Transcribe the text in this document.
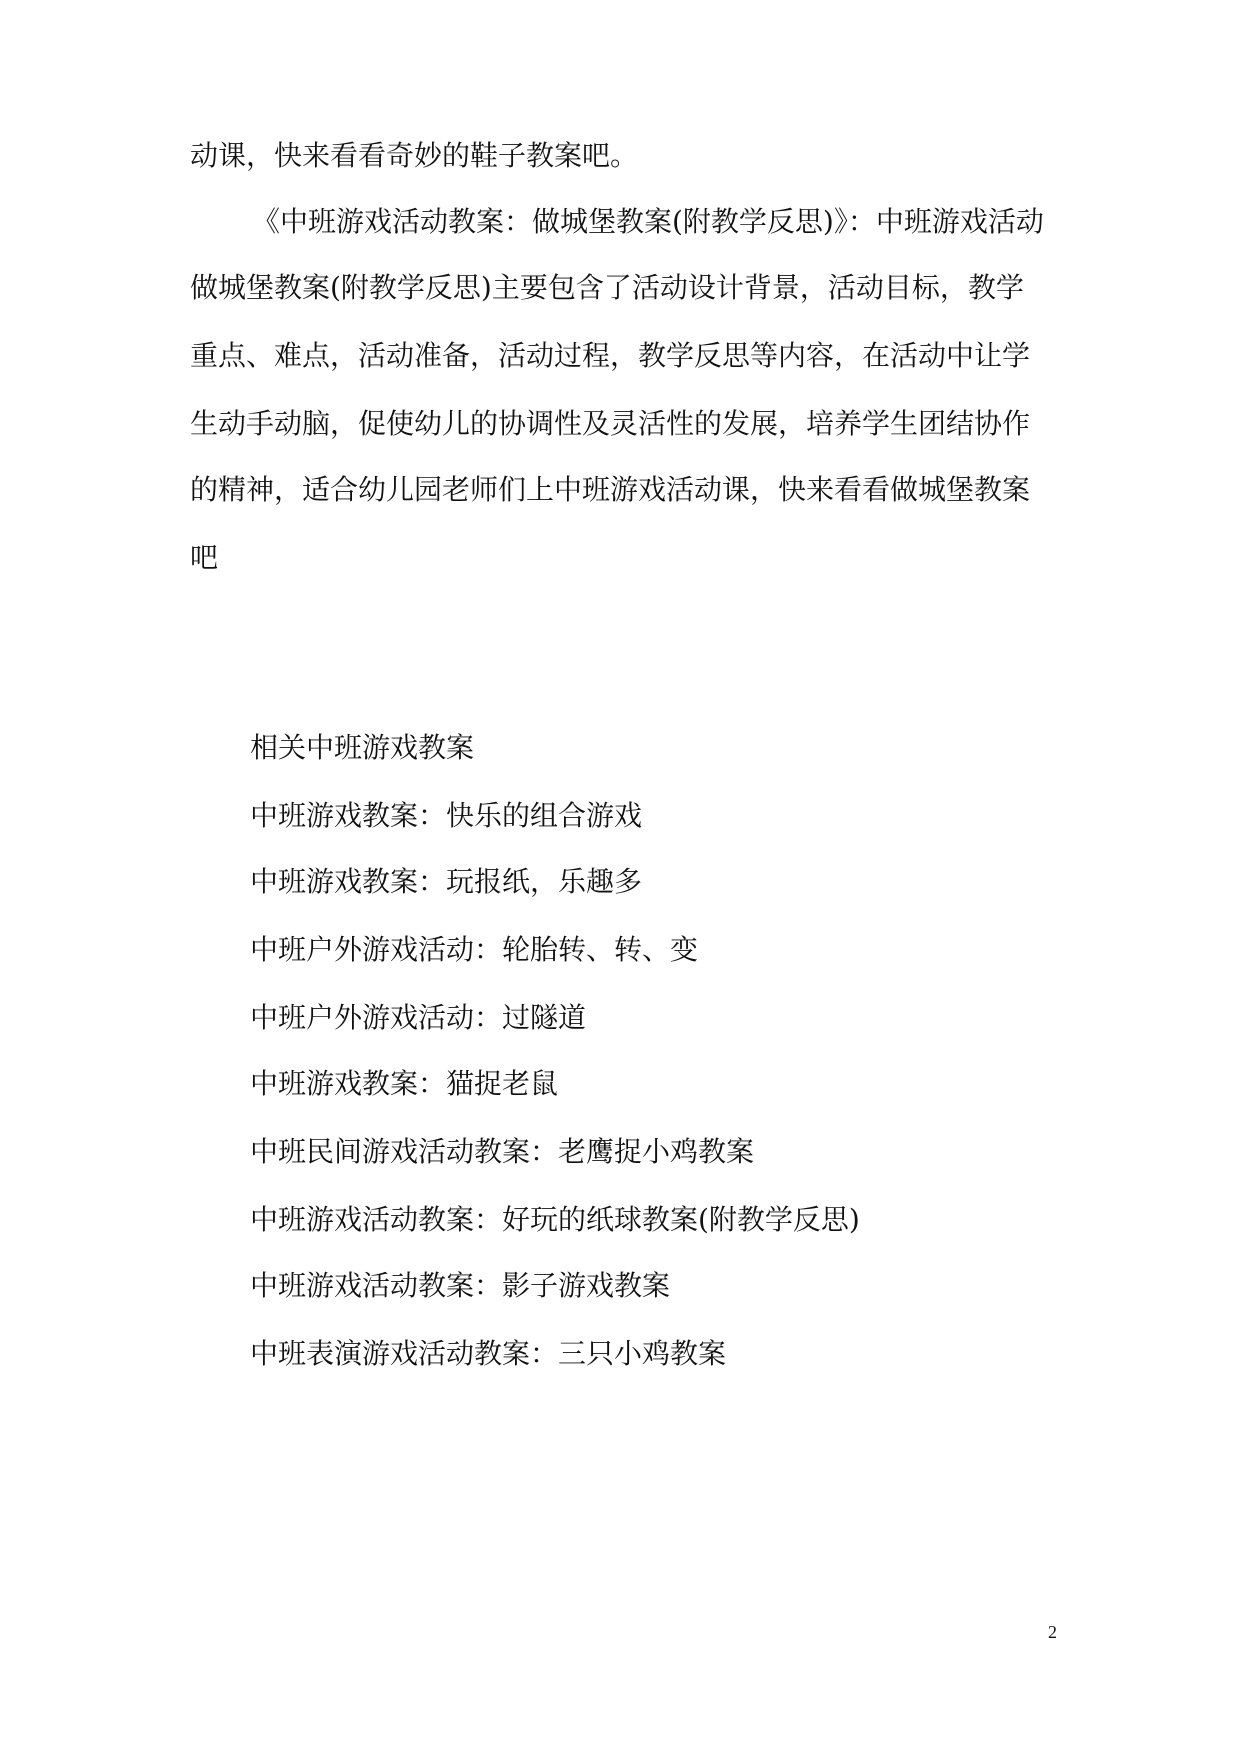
动课，快来看看奇妙的鞋子教案吧。
《中班游戏活动教案：做城堡教案(附教学反思)》：中班游戏活动
做城堡教案(附教学反思)主要包含了活动设计背景，活动目标，教学
重点、难点，活动准备，活动过程，教学反思等内容，在活动中让学
生动手动脑，促使幼儿的协调性及灵活性的发展，培养学生团结协作
的精神，适合幼儿园老师们上中班游戏活动课，快来看看做城堡教案
吧
相关中班游戏教案
中班游戏教案：快乐的组合游戏
中班游戏教案：玩报纸，乐趣多
中班户外游戏活动：轮胎转、转、变
中班户外游戏活动：过隧道
中班游戏教案：猫捉老鼠
中班民间游戏活动教案：老鹰捉小鸡教案
中班游戏活动教案：好玩的纸球教案(附教学反思)
中班游戏活动教案：影子游戏教案
中班表演游戏活动教案：三只小鸡教案
2
